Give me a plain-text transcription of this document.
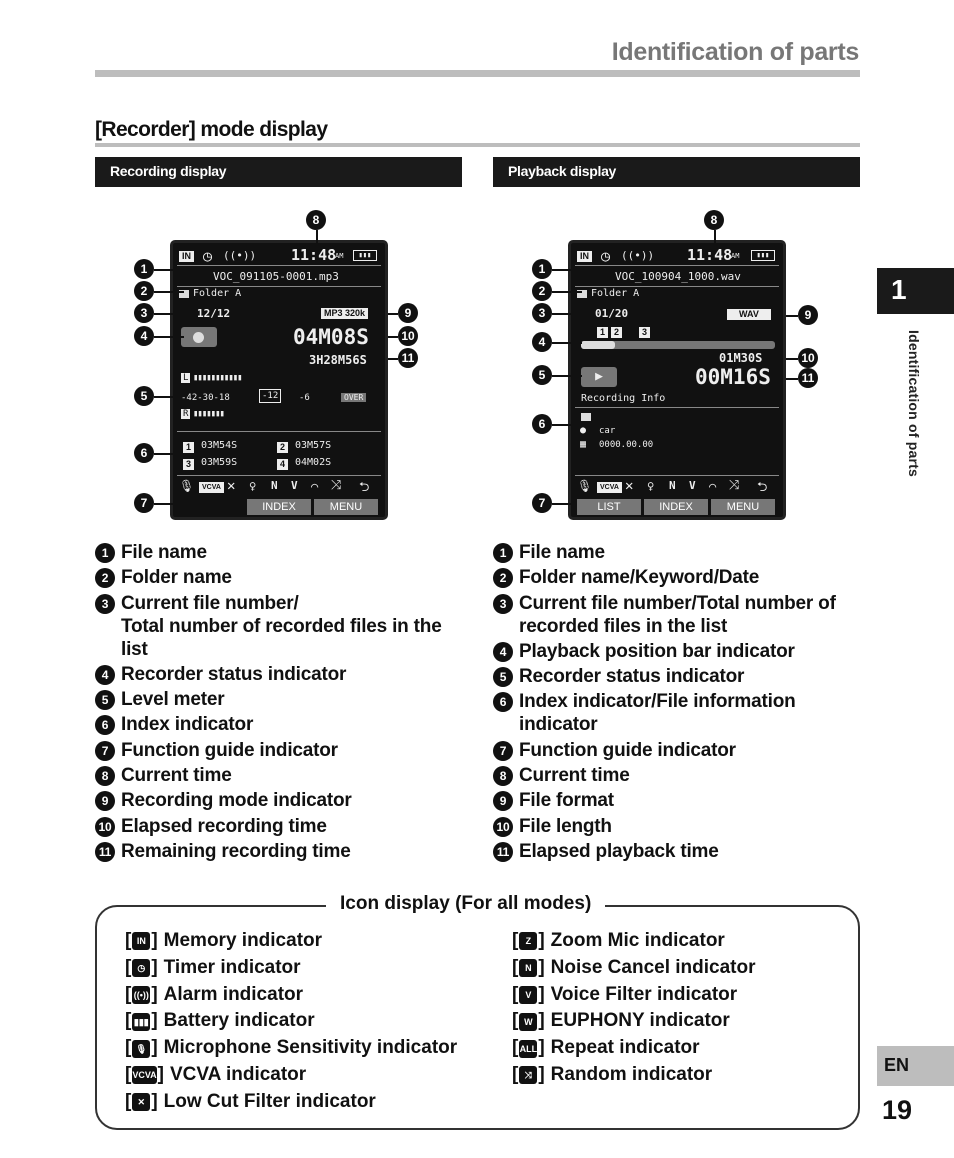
Identification of parts
[Recorder] mode display
Recording display	Playback display
1
Identification of parts
EN
19
IN ◷ ((•)) 11:48
AM	▮▮▮
VOC_091105-0001.mp3
Folder A
12/12	MP3 320k
04M08S
3H28M56S
L ▮▮▮▮▮▮▮▮▮▮▮
-42-30-18	-12	-6	OVER
R ▮▮▮▮▮▮▮
1 03M54S	2 03M57S
3 03M59S	4 04M02S
🎙	VCVA ✕ ♀ N V ⌒ ⤨ ⮌
INDEX	MENU
8
1
2
3
4
5
6
7
9
10
11
IN ◷ ((•)) 11:48
AM	▮▮▮
VOC_100904_1000.wav
Folder A
01/20	WAV
1 2	3
01M30S
▶	00M16S
Recording Info
● car
▦ 0000.00.00
🎙	VCVA ✕ ♀ N V ⌒ ⤨ ⮌
LIST	INDEX	MENU
8
1
2
3
4
5
6
7
9
10
11
1 File name
2 Folder name
3 Current file number/
Total number of recorded files in the list
4 Recorder status indicator
5 Level meter
6 Index indicator
7 Function guide indicator
8 Current time
9 Recording mode indicator
10 Elapsed recording time
11 Remaining recording time
1 File name
2 Folder name/Keyword/Date
3 Current file number/Total number of recorded files in the list
4 Playback position bar indicator
5 Recorder status indicator
6 Index indicator/File information indicator
7 Function guide indicator
8 Current time
9 File format
10 File length
11 Elapsed playback time
Icon display (For all modes)
[ IN ] Memory indicator
[ ◷ ] Timer indicator
[ ((•)) ] Alarm indicator
[ ▮▮▮ ] Battery indicator
[ 🎙 ] Microphone Sensitivity indicator
[ VCVA ] VCVA indicator
[ ✕ ] Low Cut Filter indicator
[ Z ] Zoom Mic indicator
[ N ] Noise Cancel indicator
[ V ] Voice Filter indicator
[ W ] EUPHONY indicator
[ ALL ] Repeat indicator
[ ⤨ ] Random indicator
